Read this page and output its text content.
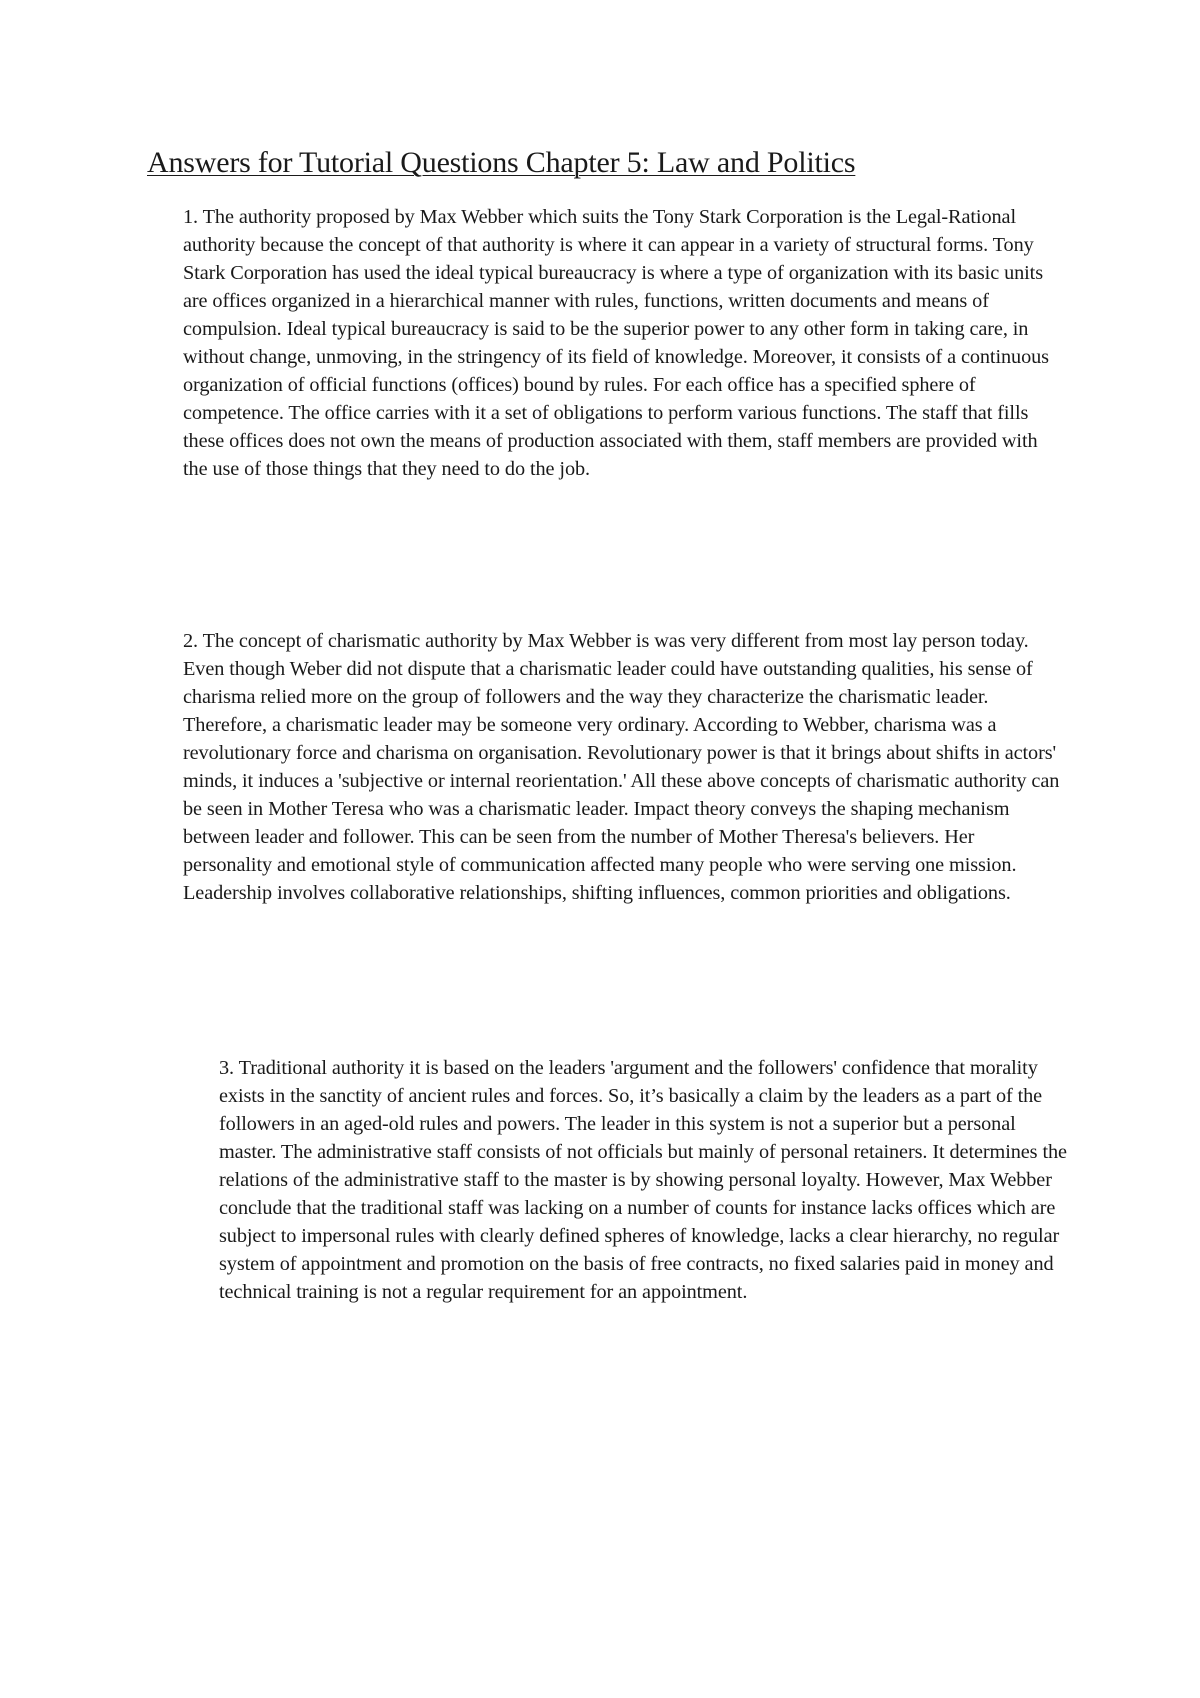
Answers for Tutorial Questions Chapter 5: Law and Politics

1. The authority proposed by Max Webber which suits the Tony Stark Corporation is the Legal-Rational authority because the concept of that authority is where it can appear in a variety of structural forms. Tony Stark Corporation has used the ideal typical bureaucracy is where a type of organization with its basic units are offices organized in a hierarchical manner with rules, functions, written documents and means of compulsion. Ideal typical bureaucracy is said to be the superior power to any other form in taking care, in without change, unmoving, in the stringency of its field of knowledge. Moreover, it consists of a continuous organization of official functions (offices) bound by rules. For each office has a specified sphere of competence. The office carries with it a set of obligations to perform various functions. The staff that fills these offices does not own the means of production associated with them, staff members are provided with the use of those things that they need to do the job.

2. The concept of charismatic authority by Max Webber is was very different from most lay person today. Even though Weber did not dispute that a charismatic leader could have outstanding qualities, his sense of charisma relied more on the group of followers and the way they characterize the charismatic leader. Therefore, a charismatic leader may be someone very ordinary. According to Webber, charisma was a revolutionary force and charisma on organisation. Revolutionary power is that it brings about shifts in actors' minds, it induces a 'subjective or internal reorientation.' All these above concepts of charismatic authority can be seen in Mother Teresa who was a charismatic leader. Impact theory conveys the shaping mechanism between leader and follower. This can be seen from the number of Mother Theresa's believers. Her personality and emotional style of communication affected many people who were serving one mission. Leadership involves collaborative relationships, shifting influences, common priorities and obligations.

3. Traditional authority it is based on the leaders 'argument and the followers' confidence that morality exists in the sanctity of ancient rules and forces. So, it’s basically a claim by the leaders as a part of the followers in an aged-old rules and powers. The leader in this system is not a superior but a personal master. The administrative staff consists of not officials but mainly of personal retainers. It determines the relations of the administrative staff to the master is by showing personal loyalty. However, Max Webber conclude that the traditional staff was lacking on a number of counts for instance lacks offices which are subject to impersonal rules with clearly defined spheres of knowledge, lacks a clear hierarchy, no regular system of appointment and promotion on the basis of free contracts, no fixed salaries paid in money and technical training is not a regular requirement for an appointment.
